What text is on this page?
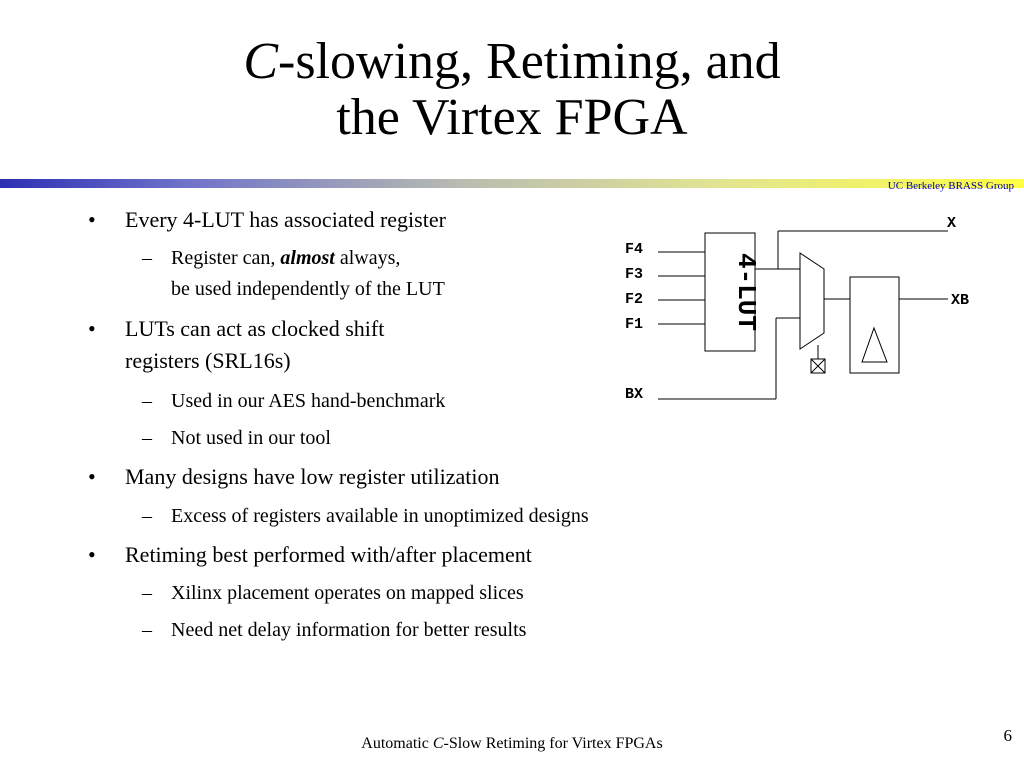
C-slowing, Retiming, and
the Virtex FPGA
UC Berkeley BRASS Group
• Every 4-LUT has associated register
– Register can, almost always,
be used independently of the LUT
• LUTs can act as clocked shift
registers (SRL16s)
– Used in our AES hand-benchmark
– Not used in our tool
• Many designs have low register utilization
– Excess of registers available in unoptimized designs
• Retiming best performed with/after placement
– Xilinx placement operates on mapped slices
– Need net delay information for better results
F4
F3
F2
F1
BX
X
XB
4-LUT
Automatic C-Slow Retiming for Virtex FPGAs	6
